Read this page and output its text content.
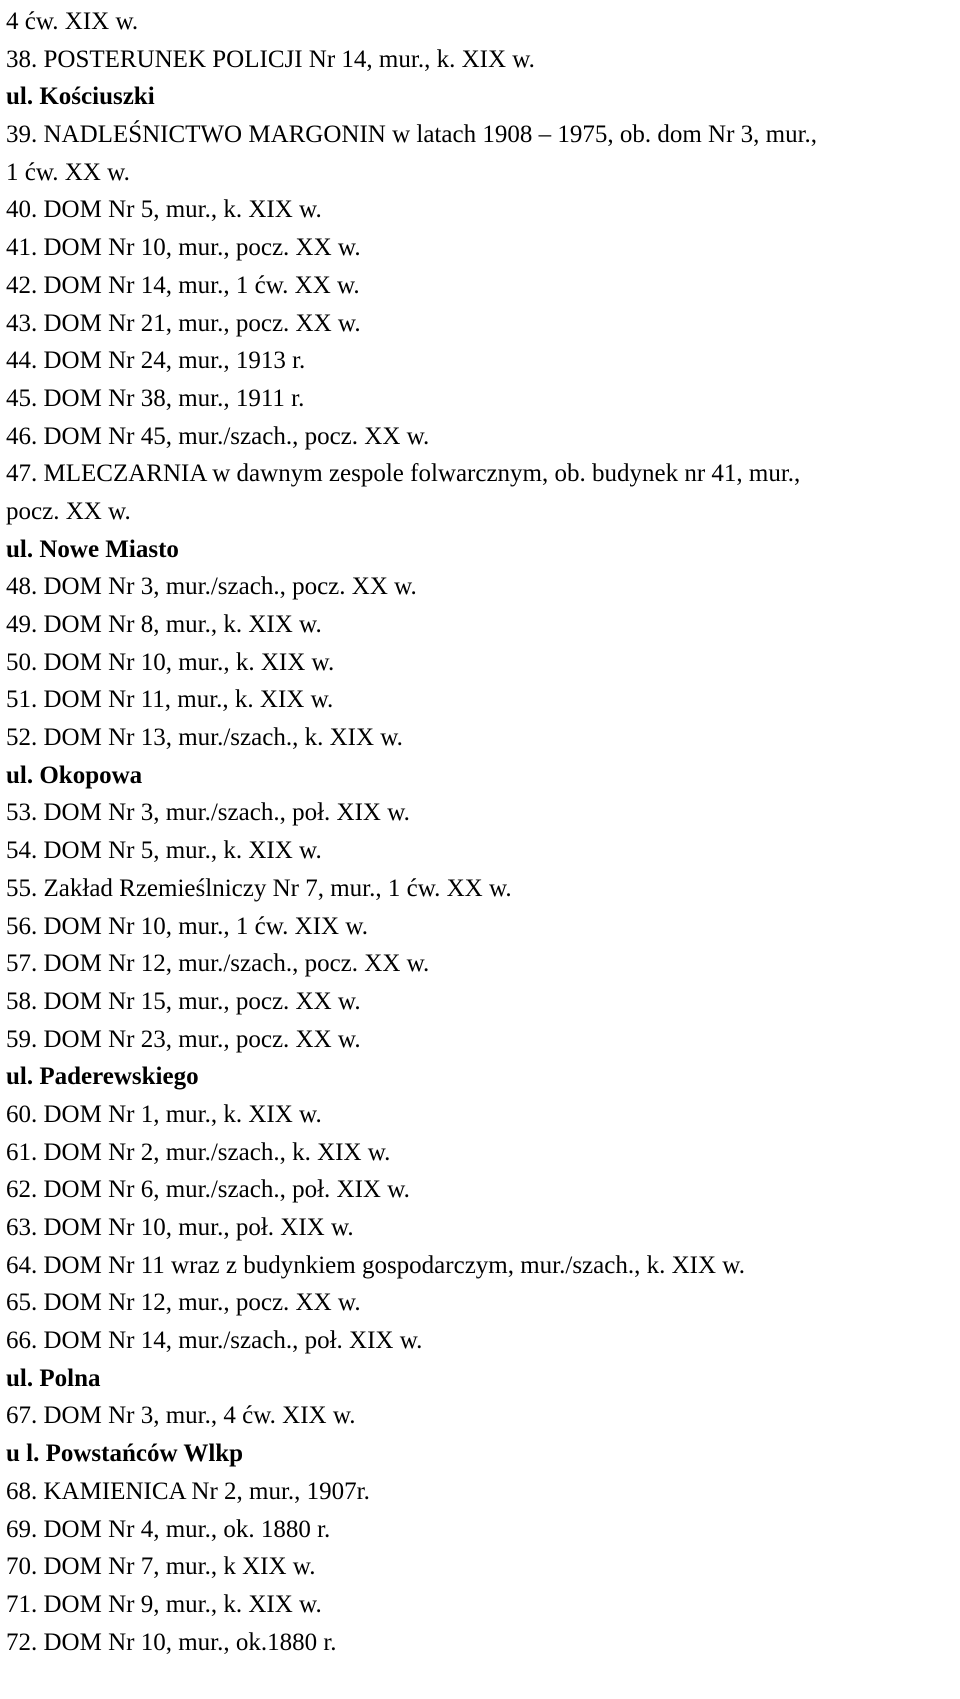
4 ćw. XIX w.
38. POSTERUNEK POLICJI Nr 14, mur., k. XIX w.
ul. Kościuszki
39. NADLEŚNICTWO MARGONIN w latach 1908 – 1975, ob. dom Nr 3, mur.,
1 ćw. XX w.
40. DOM Nr 5, mur., k. XIX w.
41. DOM Nr 10, mur., pocz. XX w.
42. DOM Nr 14, mur., 1 ćw. XX w.
43. DOM Nr 21, mur., pocz. XX w.
44. DOM Nr 24, mur., 1913 r.
45. DOM Nr 38, mur., 1911 r.
46. DOM Nr 45, mur./szach., pocz. XX w.
47. MLECZARNIA w dawnym zespole folwarcznym, ob. budynek nr 41, mur.,
pocz. XX w.
ul. Nowe Miasto
48. DOM Nr 3, mur./szach., pocz. XX w.
49. DOM Nr 8, mur., k. XIX w.
50. DOM Nr 10, mur., k. XIX w.
51. DOM Nr 11, mur., k. XIX w.
52. DOM Nr 13, mur./szach., k. XIX w.
ul. Okopowa
53. DOM Nr 3, mur./szach., poł. XIX w.
54. DOM Nr 5, mur., k. XIX w.
55. Zakład Rzemieślniczy Nr 7, mur., 1 ćw. XX w.
56. DOM Nr 10, mur., 1 ćw. XIX w.
57. DOM Nr 12, mur./szach., pocz. XX w.
58. DOM Nr 15, mur., pocz. XX w.
59. DOM Nr 23, mur., pocz. XX w.
ul. Paderewskiego
60. DOM Nr 1, mur., k. XIX w.
61. DOM Nr 2, mur./szach., k. XIX w.
62. DOM Nr 6, mur./szach., poł. XIX w.
63. DOM Nr 10, mur., poł. XIX w.
64. DOM Nr 11 wraz z budynkiem gospodarczym, mur./szach., k. XIX w.
65. DOM Nr 12, mur., pocz. XX w.
66. DOM Nr 14, mur./szach., poł. XIX w.
ul. Polna
67. DOM Nr 3, mur., 4 ćw. XIX w.
u l. Powstańców Wlkp
68. KAMIENICA Nr 2, mur., 1907r.
69. DOM Nr 4, mur., ok. 1880 r.
70. DOM Nr 7, mur., k XIX w.
71. DOM Nr 9, mur., k. XIX w.
72. DOM Nr 10, mur., ok.1880 r.
